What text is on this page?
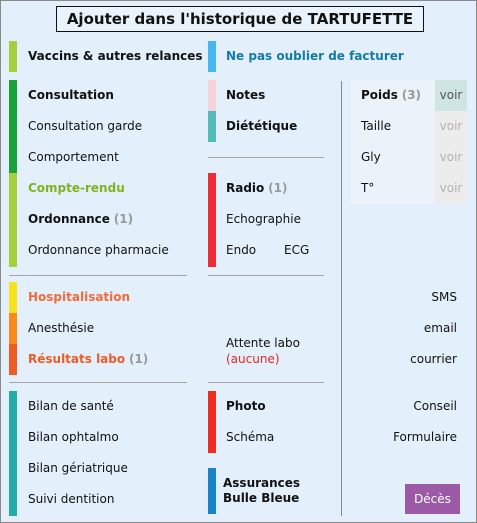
Ajouter dans l'historique de TARTUFETTE
Vaccins & autres relances
Consultation
Consultation garde
Comportement
Compte-rendu
Ordonnance (1)
Ordonnance pharmacie
Hospitalisation
Anesthésie
Résultats labo (1)
Bilan de santé
Bilan ophtalmo
Bilan gériatrique
Suivi dentition
Ne pas oublier de facturer
Notes
Diététique
Radio (1)
Echographie
Endo ECG
Attente labo
(aucune)
Photo
Schéma
Assurances
Bulle Bleue
Poids (3)	voir
Taille	voir
Gly	voir
T°	voir
SMS
email
courrier
Conseil
Formulaire
Décès
